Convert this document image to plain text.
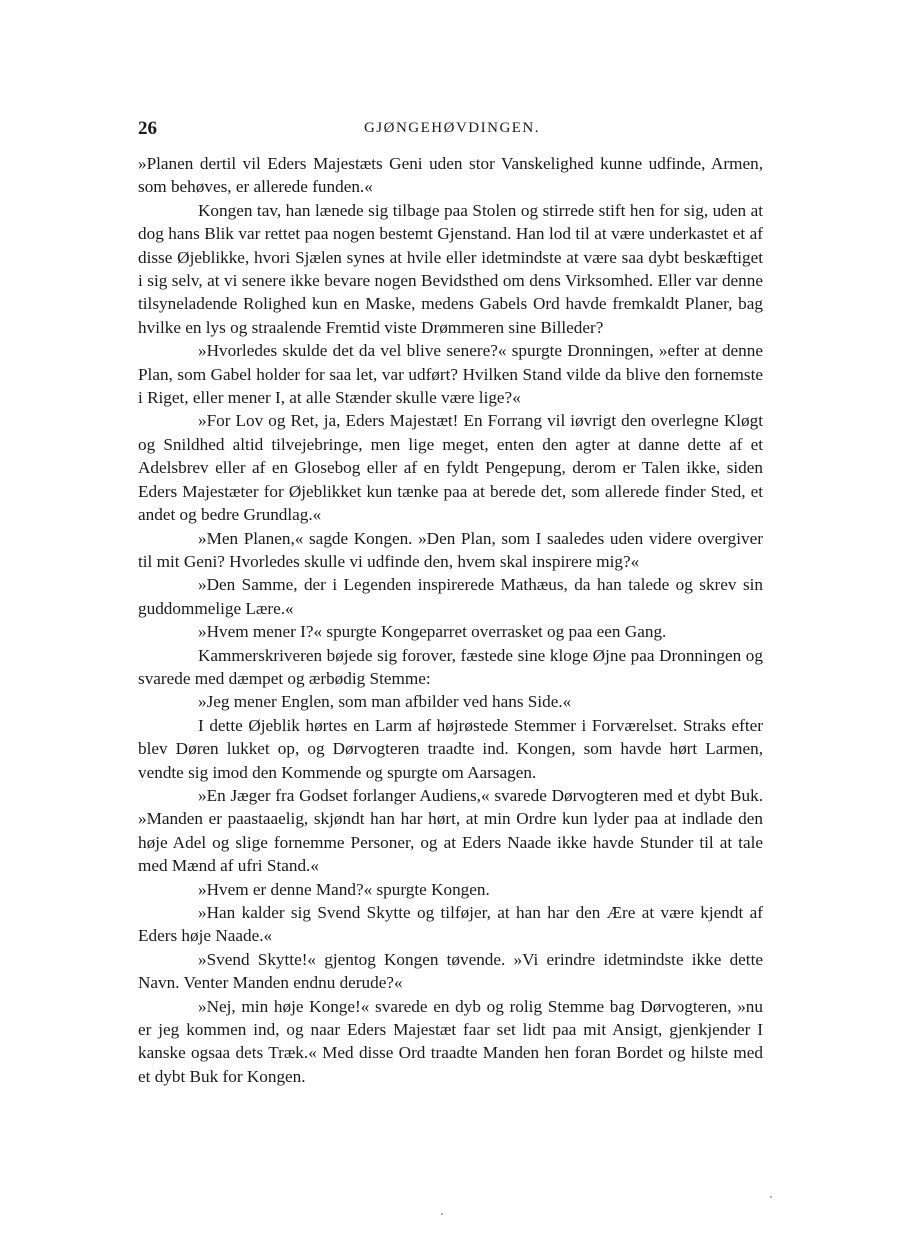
26	GJØNGEHØVDINGEN.

»Planen dertil vil Eders Majestæts Geni uden stor Vanskelighed kunne udfinde, Armen, som behøves, er allerede funden.«

Kongen tav, han lænede sig tilbage paa Stolen og stirrede stift hen for sig, uden at dog hans Blik var rettet paa nogen bestemt Gjenstand. Han lod til at være underkastet et af disse Øjeblikke, hvori Sjælen synes at hvile eller idetmindste at være saa dybt beskæftiget i sig selv, at vi senere ikke bevare nogen Bevidsthed om dens Virksomhed. Eller var denne tilsyneladende Rolighed kun en Maske, medens Gabels Ord havde fremkaldt Planer, bag hvilke en lys og straalende Fremtid viste Drømmeren sine Billeder?

»Hvorledes skulde det da vel blive senere?« spurgte Dronningen, »efter at denne Plan, som Gabel holder for saa let, var udført? Hvilken Stand vilde da blive den fornemste i Riget, eller mener I, at alle Stænder skulle være lige?«

»For Lov og Ret, ja, Eders Majestæt! En Forrang vil iøvrigt den overlegne Kløgt og Snildhed altid tilvejebringe, men lige meget, enten den agter at danne dette af et Adelsbrev eller af en Glosebog eller af en fyldt Pengepung, derom er Talen ikke, siden Eders Majestæter for Øjeblikket kun tænke paa at berede det, som allerede finder Sted, et andet og bedre Grundlag.«

»Men Planen,« sagde Kongen. »Den Plan, som I saaledes uden videre overgiver til mit Geni? Hvorledes skulle vi udfinde den, hvem skal inspirere mig?«

»Den Samme, der i Legenden inspirerede Mathæus, da han talede og skrev sin guddommelige Lære.«

»Hvem mener I?« spurgte Kongeparret overrasket og paa een Gang.

Kammerskriveren bøjede sig forover, fæstede sine kloge Øjne paa Dronningen og svarede med dæmpet og ærbødig Stemme:

»Jeg mener Englen, som man afbilder ved hans Side.«

I dette Øjeblik hørtes en Larm af højrøstede Stemmer i Forværelset. Straks efter blev Døren lukket op, og Dørvogteren traadte ind. Kongen, som havde hørt Larmen, vendte sig imod den Kommende og spurgte om Aarsagen.

»En Jæger fra Godset forlanger Audiens,« svarede Dørvogteren med et dybt Buk. »Manden er paastaaelig, skjøndt han har hørt, at min Ordre kun lyder paa at indlade den høje Adel og slige fornemme Personer, og at Eders Naade ikke havde Stunder til at tale med Mænd af ufri Stand.«

»Hvem er denne Mand?« spurgte Kongen.

»Han kalder sig Svend Skytte og tilføjer, at han har den Ære at være kjendt af Eders høje Naade.«

»Svend Skytte!« gjentog Kongen tøvende. »Vi erindre idetmindste ikke dette Navn. Venter Manden endnu derude?«

»Nej, min høje Konge!« svarede en dyb og rolig Stemme bag Dørvogteren, »nu er jeg kommen ind, og naar Eders Majestæt faar set lidt paa mit Ansigt, gjenkjender I kanske ogsaa dets Træk.« Med disse Ord traadte Manden hen foran Bordet og hilste med et dybt Buk for Kongen.
